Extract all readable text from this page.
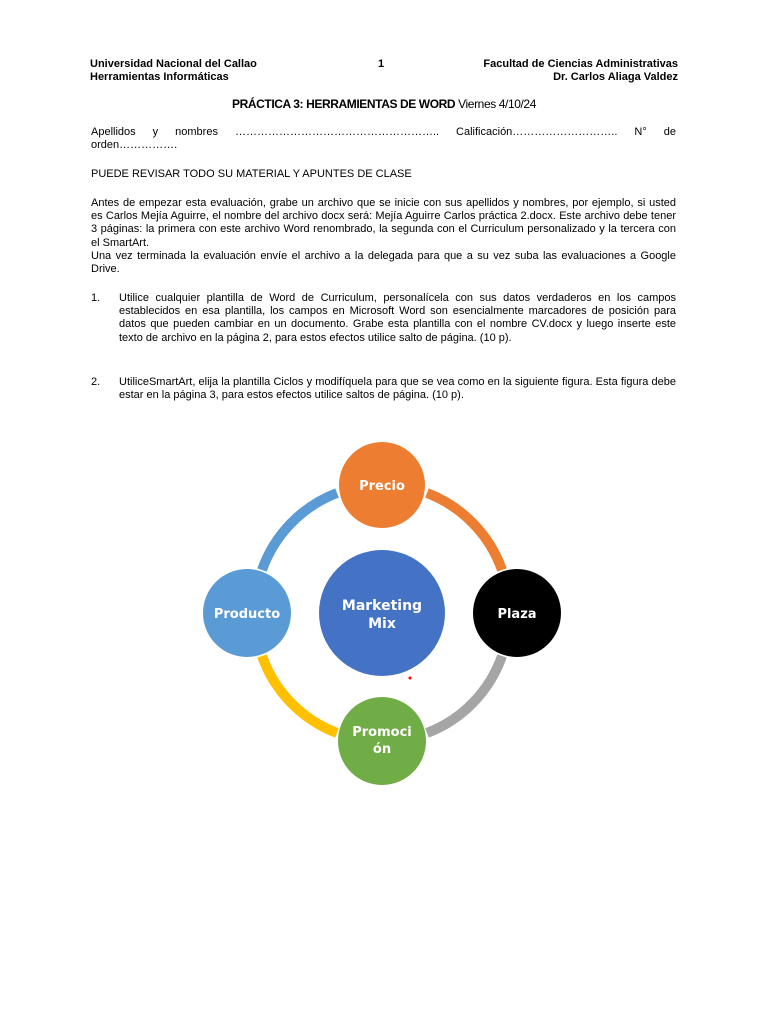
Universidad Nacional del Callao
Herramientas Informáticas
1	Facultad de Ciencias Administrativas
Dr. Carlos Aliaga Valdez
PRÁCTICA 3: HERRAMIENTAS DE WORD Viernes 4/10/24
Apellidos y nombres ……………………………………………….. Calificación……………………….. N° de
orden…………….
PUEDE REVISAR TODO SU MATERIAL Y APUNTES DE CLASE
Antes de empezar esta evaluación, grabe un archivo que se inicie con sus apellidos y nombres, por ejemplo, si usted es Carlos Mejía Aguirre, el nombre del archivo docx será: Mejía Aguirre Carlos práctica 2.docx. Este archivo debe tener 3 páginas: la primera con este archivo Word renombrado, la segunda con el Curriculum personalizado y la tercera con el SmartArt.
Una vez terminada la evaluación envíe el archivo a la delegada para que a su vez suba las evaluaciones a Google Drive.
1. Utilice cualquier plantilla de Word de Curriculum, personalícela con sus datos verdaderos en los campos establecidos en esa plantilla, los campos en Microsoft Word son esencialmente marcadores de posición para datos que pueden cambiar en un documento. Grabe esta plantilla con el nombre CV.docx y luego inserte este texto de archivo en la página 2, para estos efectos utilice salto de página. (10 p).
2. UtiliceSmartArt, elija la plantilla Ciclos y modifíquela para que se vea como en la siguiente figura. Esta figura debe estar en la página 3, para estos efectos utilice saltos de página. (10 p).
Marketing
Mix
Precio
Plaza
Promoci
ón
Producto
